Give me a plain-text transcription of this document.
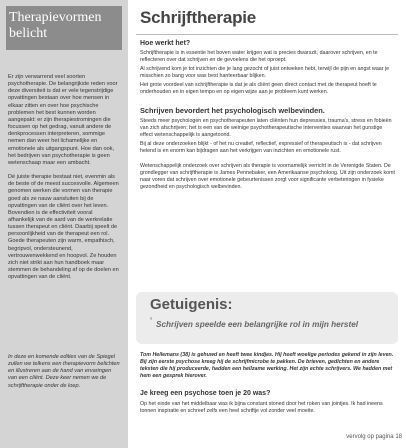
Therapievormen
belicht

Er zijn verwarrend veel soorten psychotherapie. De belangrijkste reden voor deze diversiteit is dat er vele tegenstrijdige opvattingen bestaan over hoe mensen in elkaar zitten en over hoe psychische problemen het best kunnen worden aangepakt: er zijn therapiestromingen die focussen op het gedrag, vanuit andere de denkprocessen interpreteren, sommige nemen dan weer het lichamelijke en emotionele als uitgangspunt. Hoe dan ook, het bedrijven van psychotherapie is geen wetenschaap maar een ambacht.

Dé juiste therapie bestaat niet, evenmin als de beste of de meest succesvolle. Algemeen genomen werken die vormen van therapie goed als ze nauw aansluiten bij de opvattingen van de cliënt over het leven. Bovendien is de effectiviteit vooral afhankelijk van de aard van de werkrelatie tussen therapeut en cliënt. Daarbij speelt de persoonlijkheid van de therapeut een rol. Goede therapeuten zijn warm, empathisch, begripvol, ondersteunend, vertrouwenwekkend en hoopvol. Ze houden zich niet strikt aan hun handboek maar stemmen de behandeling af op de doelen en opvattingen van de cliënt.

In deze en komende edities van de Spiegel zullen we telkens een therapievorm belichten en illustreren aan de hand van ervaringen van een cliënt. Deze keer nemen we de schrijftherapie onder de loep.
Schrijftherapie
Hoe werkt het?

Schrijftherapie is in essentie het boven water krijgen wat is precies dwarszit, daarover schrijven, en te reflecteren over dat schrijven en de gevoelens die het oproept.

Al schrijvend kom je tot inzichten die je lang gezocht of juist ontweken hebt, terwijl de pijn en angst waar je misschien zo bang voor was best hanteerbaar blijken.

Het grote voordeel van schrijftherapie is dat je als cliënt geen direct contact met de therapeut hoeft te onderhouden en in eigen tempo en op eigen wijze aan je probleem kunt werken.

Schrijven bevordert het psychologisch welbevinden.

Steeds meer psychologen en psychotherapeuten laten cliënten hun depressies, trauma's, stress en fobieën van zich afschrijven; het is een van de weinige psychotherapeutische interventies waarvan het gunstige effect wetenschappelijk is aangetoond.

Bij al deze onderzoeken blijkt - of het nu creatief, reflectief, expressief of therapeutisch is - dat schrijven helend is en enorm kan bijdragen aan het verkrijgen van inzichten en emotionele rust.

Wetenschappelijk onderzoek over schrijven als therapie is voornamelijk verricht in de Verenigde Staten. De grondlegger van schrijftherapie is James Pennebaker, een Amerikaanse psycholoog. Uit zijn onderzoek komt naar voren dat schrijven over emotionele gebeurtenissen zorgt voor significante verbeteringen in fysieke gezondheid en psychologisch welbevinden.

Getuigenis:
‘ Schrijven speelde een belangrijke rol in mijn herstel

Tom Hellemans (38) is gehuwd en heeft twee kindjes. Hij heeft woelige periodes gekend in zijn leven. Bij zijn eerste psychose kreeg hij de schrijfmicrobe te pakken. De brieven, gedichten en andere teksten die hij produceerde, hadden een heilzame werking. Het zijn echte schrijvers. We hadden met hem een gesprek hierover.

Je kreeg een psychose toen je 20 was?

Op het einde van het middelbaar was ik bijna constant stoned door het roken van jointjes. Ik had ineens tonnen inspiratie en schreef zelfs een heel schriftje vol zonder veel moeite.

vervolg op pagina 18
